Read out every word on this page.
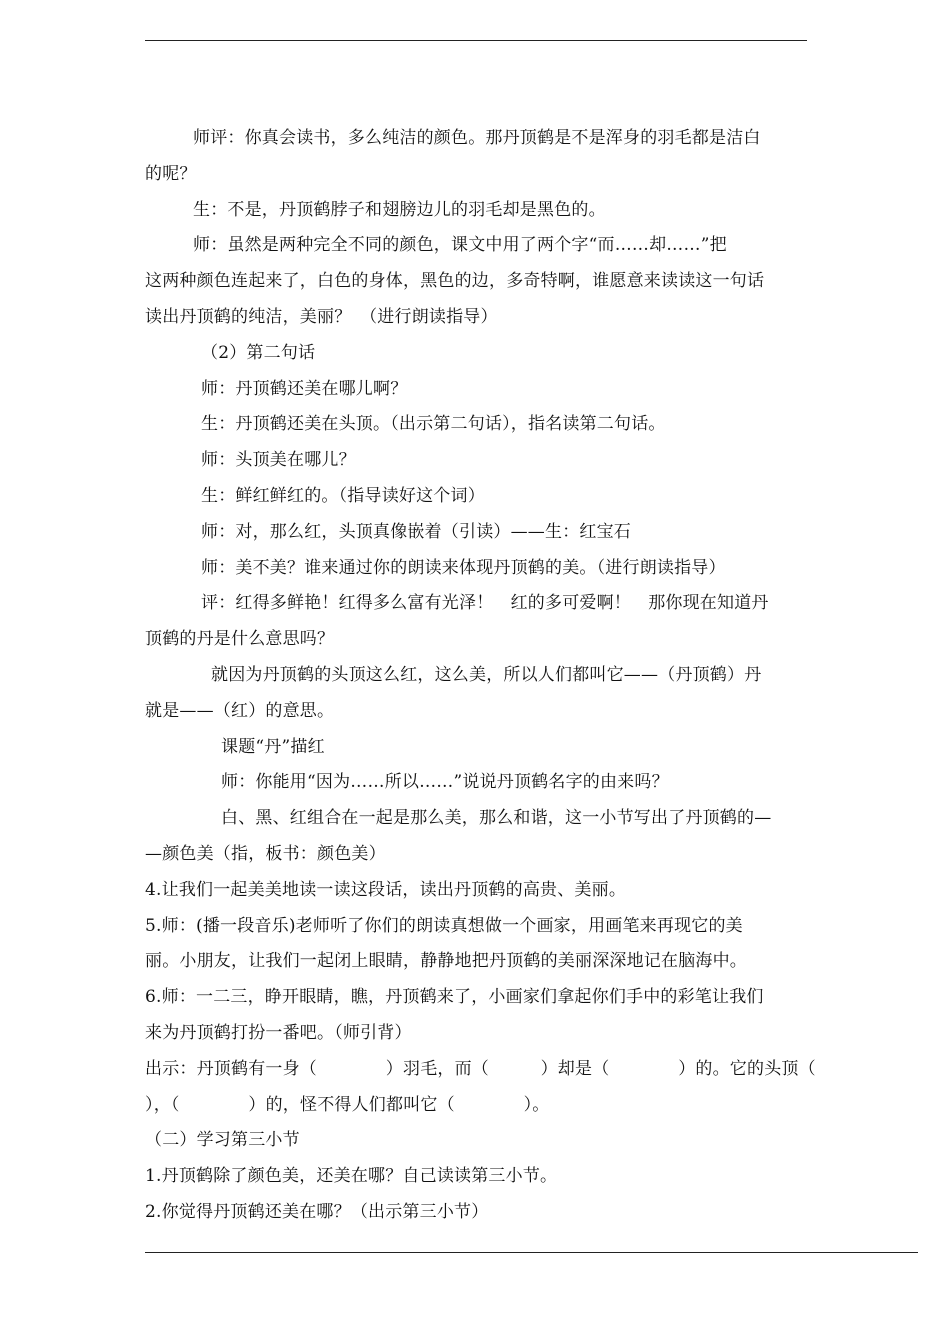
师评：你真会读书，多么纯洁的颜色。那丹顶鹤是不是浑身的羽毛都是洁白
的呢？
生：不是，丹顶鹤脖子和翅膀边儿的羽毛却是黑色的。
师：虽然是两种完全不同的颜色，课文中用了两个字“而……却……”把
这两种颜色连起来了，白色的身体，黑色的边，多奇特啊，谁愿意来读读这一句话
读出丹顶鹤的纯洁，美丽？　（进行朗读指导）
（2）第二句话
师：丹顶鹤还美在哪儿啊？
生：丹顶鹤还美在头顶。（出示第二句话），指名读第二句话。
师：头顶美在哪儿？
生：鲜红鲜红的。（指导读好这个词）
师：对，那么红，头顶真像嵌着（引读）——生：红宝石
师：美不美？谁来通过你的朗读来体现丹顶鹤的美。（进行朗读指导）
评：红得多鲜艳！红得多么富有光泽！　红的多可爱啊！　那你现在知道丹
顶鹤的丹是什么意思吗？
就因为丹顶鹤的头顶这么红，这么美，所以人们都叫它——（丹顶鹤）丹
就是——（红）的意思。
课题“丹”描红
师：你能用“因为……所以……”说说丹顶鹤名字的由来吗？
白、黑、红组合在一起是那么美，那么和谐，这一小节写出了丹顶鹤的—
—颜色美（指，板书：颜色美）
4.让我们一起美美地读一读这段话，读出丹顶鹤的高贵、美丽。
5.师：(播一段音乐)老师听了你们的朗读真想做一个画家，用画笔来再现它的美
丽。小朋友，让我们一起闭上眼睛，静静地把丹顶鹤的美丽深深地记在脑海中。
6.师：一二三，睁开眼睛，瞧，丹顶鹤来了，小画家们拿起你们手中的彩笔让我们
来为丹顶鹤打扮一番吧。（师引背）
出示：丹顶鹤有一身（　　　　）羽毛，而（　　　）却是（　　　　）的。它的头顶（
），（　　　　）的，怪不得人们都叫它（　　　　）。
（二）学习第三小节
1.丹顶鹤除了颜色美，还美在哪？自己读读第三小节。
2.你觉得丹顶鹤还美在哪？（出示第三小节）
